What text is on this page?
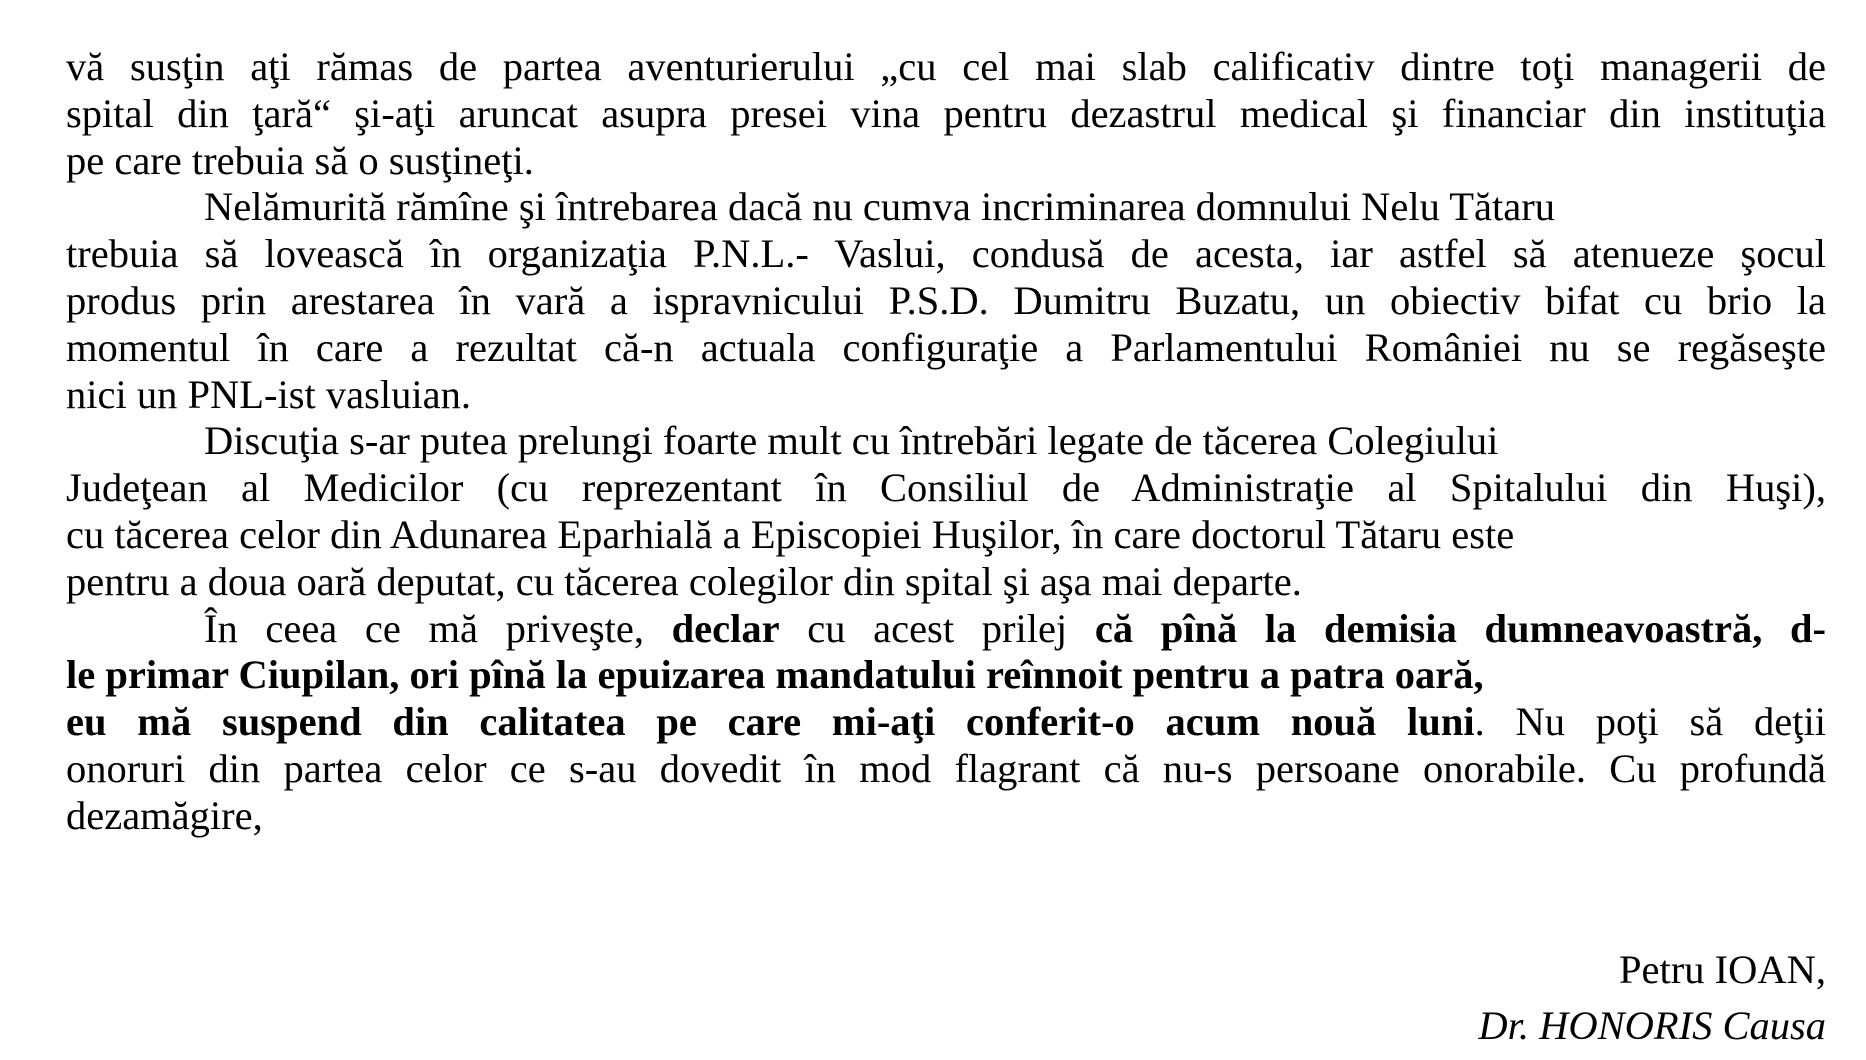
vă susţin aţi rămas de partea aventurierului „cu cel mai slab calificativ dintre toţi managerii de
spital din ţară“ şi-aţi aruncat asupra presei vina pentru dezastrul medical şi financiar din instituţia
pe care trebuia să o susţineţi.
Nelămurită rămîne şi întrebarea dacă nu cumva incriminarea domnului Nelu Tătaru
trebuia să lovească în organizaţia P.N.L.- Vaslui, condusă de acesta, iar astfel să atenueze şocul
produs prin arestarea în vară a ispravnicului P.S.D. Dumitru Buzatu, un obiectiv bifat cu brio la
momentul în care a rezultat că-n actuala configuraţie a Parlamentului României nu se regăseşte
nici un PNL-ist vasluian.
Discuţia s-ar putea prelungi foarte mult cu întrebări legate de tăcerea Colegiului
Judeţean al Medicilor (cu reprezentant în Consiliul de Administraţie al Spitalului din Huşi),
cu tăcerea celor din Adunarea Eparhială a Episcopiei Huşilor, în care doctorul Tătaru este
pentru a doua oară deputat, cu tăcerea colegilor din spital şi aşa mai departe.
În ceea ce mă priveşte, declar cu acest prilej că pînă la demisia dumneavoastră, d-
le primar Ciupilan, ori pînă la epuizarea mandatului reînnoit pentru a patra oară,
eu mă suspend din calitatea pe care mi-aţi conferit-o acum nouă luni. Nu poţi să deţii
onoruri din partea celor ce s-au dovedit în mod flagrant că nu-s persoane onorabile. Cu profundă
dezamăgire,
Petru IOAN,
Dr. HONORIS Causa
